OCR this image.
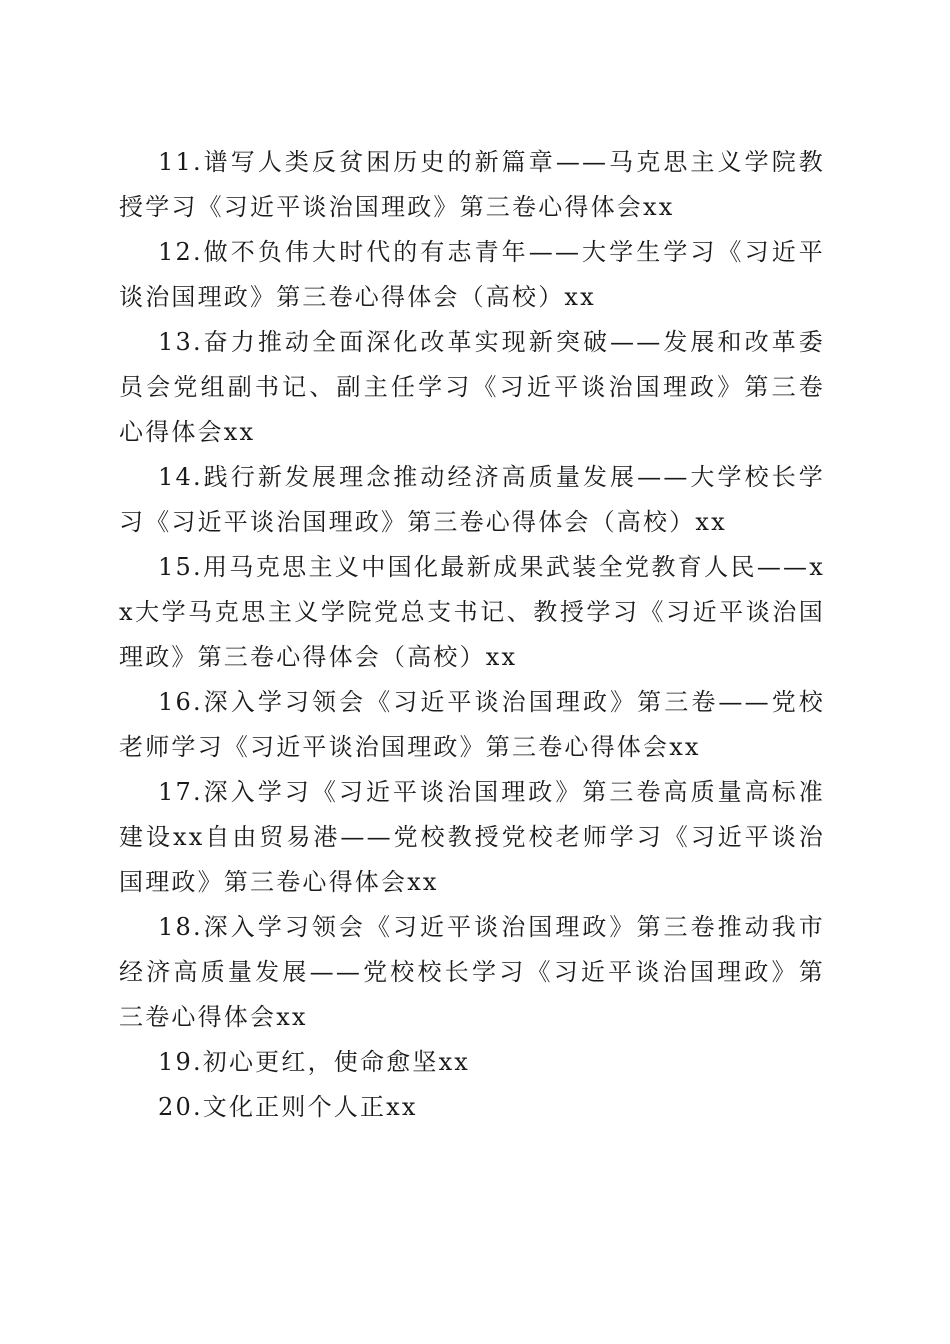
11.谱写人类反贫困历史的新篇章——马克思主义学院教授学习《习近平谈治国理政》第三卷心得体会xx

12.做不负伟大时代的有志青年——大学生学习《习近平谈治国理政》第三卷心得体会（高校）xx

13.奋力推动全面深化改革实现新突破——发展和改革委员会党组副书记、副主任学习《习近平谈治国理政》第三卷心得体会xx

14.践行新发展理念推动经济高质量发展——大学校长学习《习近平谈治国理政》第三卷心得体会（高校）xx

15.用马克思主义中国化最新成果武装全党教育人民——xx大学马克思主义学院党总支书记、教授学习《习近平谈治国理政》第三卷心得体会（高校）xx

16.深入学习领会《习近平谈治国理政》第三卷——党校老师学习《习近平谈治国理政》第三卷心得体会xx

17.深入学习《习近平谈治国理政》第三卷高质量高标准建设xx自由贸易港——党校教授党校老师学习《习近平谈治国理政》第三卷心得体会xx

18.深入学习领会《习近平谈治国理政》第三卷推动我市经济高质量发展——党校校长学习《习近平谈治国理政》第三卷心得体会xx

19.初心更红，使命愈坚xx

20.文化正则个人正xx
